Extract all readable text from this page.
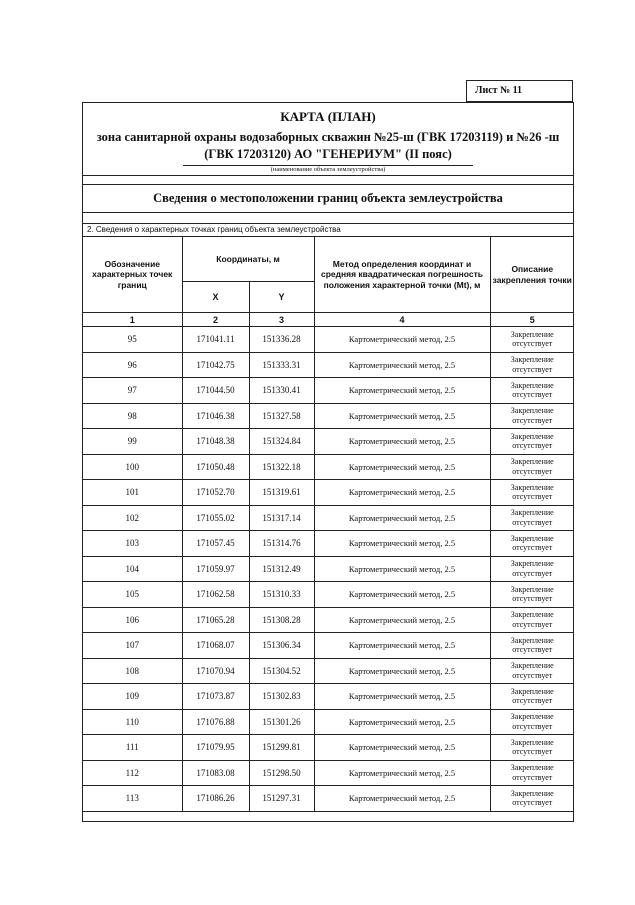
Лист № 11
КАРТА (ПЛАН)
зона санитарной охраны водозаборных скважин №25-ш (ГВК 17203119) и №26 -ш (ГВК 17203120) АО "ГЕНЕРИУМ" (II пояс)
(наименование объекта землеустройства)
Сведения о местоположении границ объекта землеустройства
2. Сведения о характерных точках границ объекта землеустройства
Обозначение характерных точек границ	Координаты, м		Метод определения координат и средняя квадратическая погрешность положения характерной точки (Mt), м	Описание закрепления точки
	X	Y		
1	2	3	4	5
95	171041.11	151336.28	Картометрический метод, 2.5	Закрепление отсутствует
96	171042.75	151333.31	Картометрический метод, 2.5	Закрепление отсутствует
97	171044.50	151330.41	Картометрический метод, 2.5	Закрепление отсутствует
98	171046.38	151327.58	Картометрический метод, 2.5	Закрепление отсутствует
99	171048.38	151324.84	Картометрический метод, 2.5	Закрепление отсутствует
100	171050.48	151322.18	Картометрический метод, 2.5	Закрепление отсутствует
101	171052.70	151319.61	Картометрический метод, 2.5	Закрепление отсутствует
102	171055.02	151317.14	Картометрический метод, 2.5	Закрепление отсутствует
103	171057.45	151314.76	Картометрический метод, 2.5	Закрепление отсутствует
104	171059.97	151312.49	Картометрический метод, 2.5	Закрепление отсутствует
105	171062.58	151310.33	Картометрический метод, 2.5	Закрепление отсутствует
106	171065.28	151308.28	Картометрический метод, 2.5	Закрепление отсутствует
107	171068.07	151306.34	Картометрический метод, 2.5	Закрепление отсутствует
108	171070.94	151304.52	Картометрический метод, 2.5	Закрепление отсутствует
109	171073.87	151302.83	Картометрический метод, 2.5	Закрепление отсутствует
110	171076.88	151301.26	Картометрический метод, 2.5	Закрепление отсутствует
111	171079.95	151299.81	Картометрический метод, 2.5	Закрепление отсутствует
112	171083.08	151298.50	Картометрический метод, 2.5	Закрепление отсутствует
113	171086.26	151297.31	Картометрический метод, 2.5	Закрепление отсутствует
